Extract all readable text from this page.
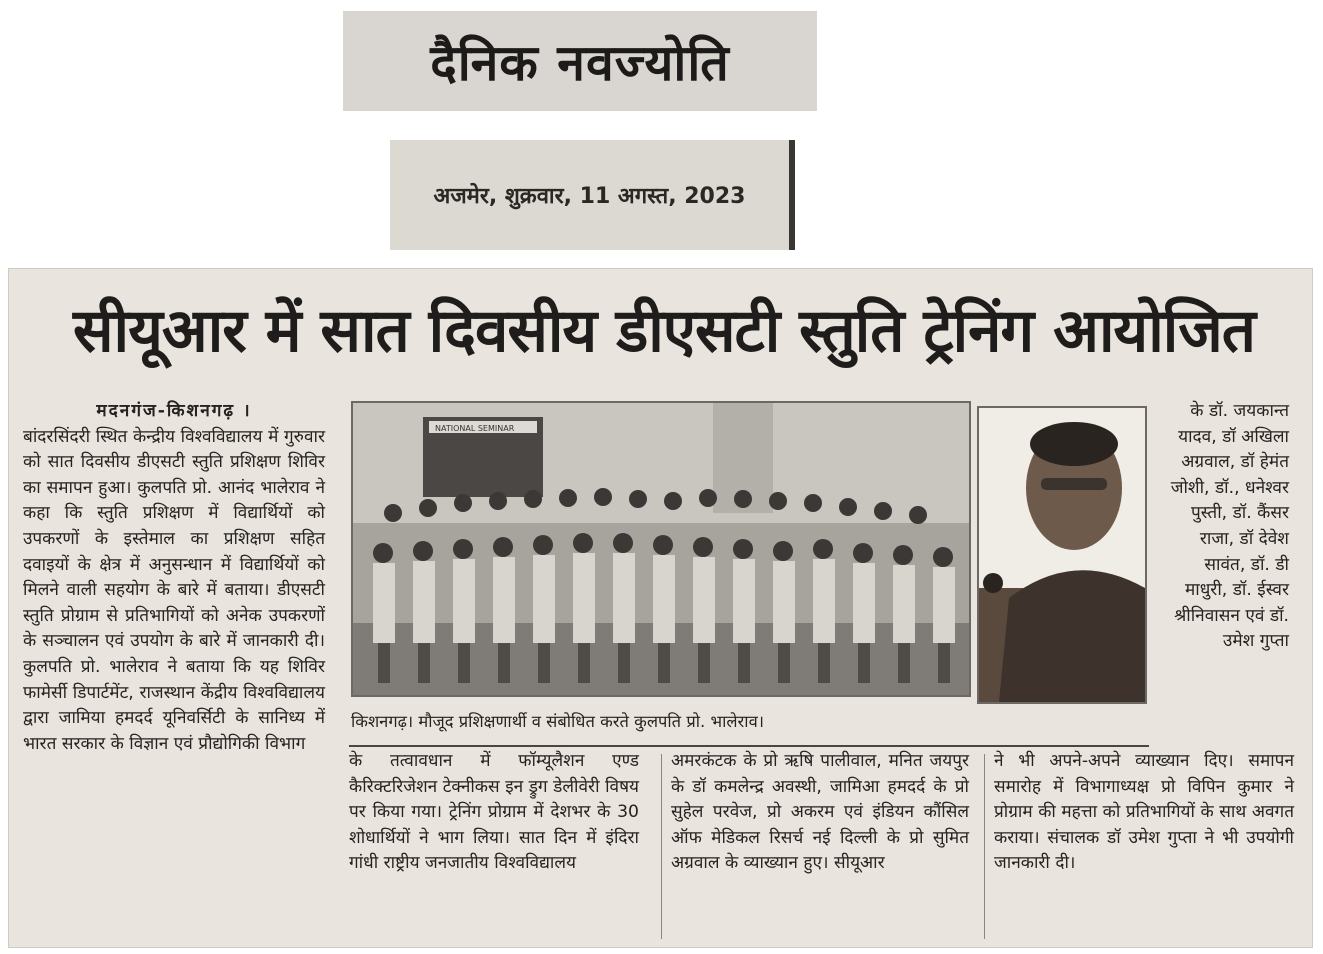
दैनिक नवज्योति
अजमेर, शुक्रवार, 11 अगस्त, 2023
सीयूआर में सात दिवसीय डीएसटी स्तुति ट्रेनिंग आयोजित
मदनगंज-किशनगढ़ ।
बांदरसिंदरी स्थित केन्द्रीय विश्वविद्यालय में गुरुवार को सात दिवसीय डीएसटी स्तुति प्रशिक्षण शिविर का समापन हुआ। कुलपति प्रो. आनंद भालेराव ने कहा कि स्तुति प्रशिक्षण में विद्यार्थियों को उपकरणों के इस्तेमाल का प्रशिक्षण सहित दवाइयों के क्षेत्र में अनुसन्धान में विद्यार्थियों को मिलने वाली सहयोग के बारे में बताया। डीएसटी स्तुति प्रोग्राम से प्रतिभागियों को अनेक उपकरणों के सञ्चालन एवं उपयोग के बारे में जानकारी दी। कुलपति प्रो. भालेराव ने बताया कि यह शिविर फामेर्सी डिपार्टमेंट, राजस्थान केंद्रीय विश्वविद्यालय द्वारा जामिया हमदर्द यूनिवर्सिटी के सानिध्य में भारत सरकार के विज्ञान एवं प्रौद्योगिकी विभाग
NATIONAL SEMINAR
के डॉ. जयकान्त यादव, डॉ अखिला अग्रवाल, डॉ हेमंत जोशी, डॉ., धनेश्वर पुस्ती, डॉ. कैंसर राजा, डॉ देवेश सावंत, डॉ. डी माधुरी, डॉ. ईस्वर श्रीनिवासन एवं डॉ. उमेश गुप्ता
किशनगढ़। मौजूद प्रशिक्षणार्थी व संबोधित करते कुलपति प्रो. भालेराव।
के तत्वावधान में फॉम्यूलैशन एण्ड कैरिक्टरिजेशन टेक्नीकस इन ड्रुग डेलीवेरी विषय पर किया गया। ट्रेनिंग प्रोग्राम में देशभर के 30 शोधार्थियों ने भाग लिया। सात दिन में इंदिरा गांधी राष्ट्रीय जनजातीय विश्वविद्यालय
अमरकंटक के प्रो ऋषि पालीवाल, मनित जयपुर के डॉ कमलेन्द्र अवस्थी, जामिआ हमदर्द के प्रो सुहेल परवेज, प्रो अकरम एवं इंडियन कौंसिल ऑफ मेडिकल रिसर्च नई दिल्ली के प्रो सुमित अग्रवाल के व्याख्यान हुए। सीयूआर
ने भी अपने-अपने व्याख्यान दिए। समापन समारोह में विभागाध्यक्ष प्रो विपिन कुमार ने प्रोग्राम की महत्ता को प्रतिभागियों के साथ अवगत कराया। संचालक डॉ उमेश गुप्ता ने भी उपयोगी जानकारी दी।
